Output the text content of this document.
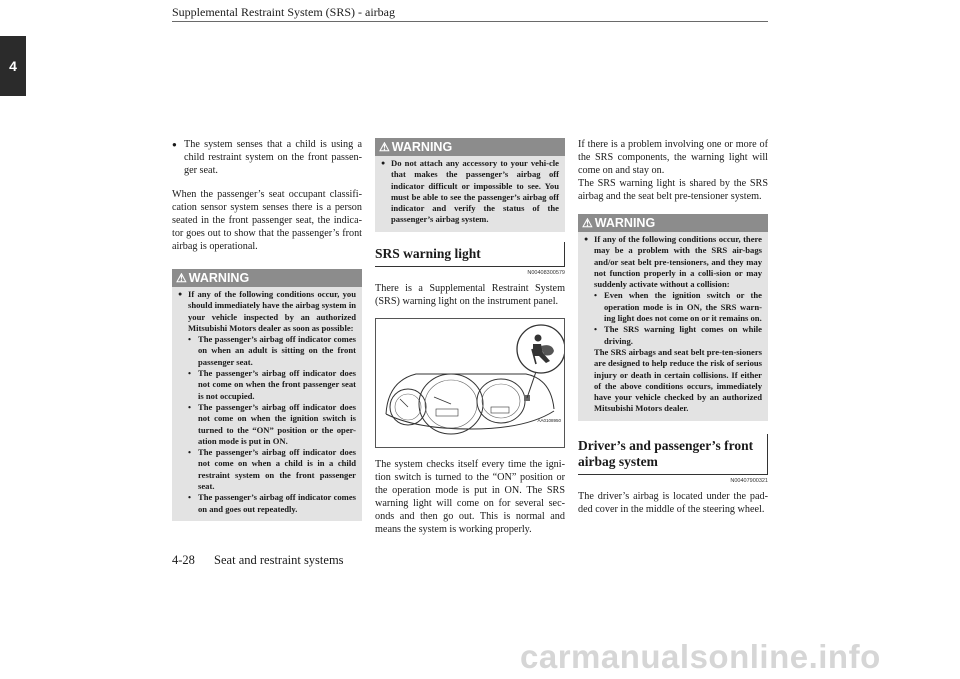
Supplemental Restraint System (SRS) - airbag
4
● The system senses that a child is using a child restraint system on the front passen-ger seat.

When the passenger’s seat occupant classifi-cation sensor system senses there is a person seated in the front passenger seat, the indica-tor goes out to show that the passenger’s front airbag is operational.

⚠ WARNING
● If any of the following conditions occur, you should immediately have the airbag system in your vehicle inspected by an authorized Mitsubishi Motors dealer as soon as possible:
• The passenger’s airbag off indicator comes on when an adult is sitting on the front passenger seat.
• The passenger’s airbag off indicator does not come on when the front passenger seat is not occupied.
• The passenger’s airbag off indicator does not come on when the ignition switch is turned to the “ON” position or the oper-ation mode is put in ON.
• The passenger’s airbag off indicator does not come on when a child is in a child restraint system on the front passenger seat.
• The passenger’s airbag off indicator comes on and goes out repeatedly.
⚠ WARNING
● Do not attach any accessory to your vehi-cle that makes the passenger’s airbag off indicator difficult or impossible to see. You must be able to see the passenger’s airbag off indicator and verify the status of the passenger’s airbag system.
SRS warning light
N00408300579

There is a Supplemental Restraint System (SRS) warning light on the instrument panel.

AA0108950

The system checks itself every time the igni-tion switch is turned to the “ON” position or the operation mode is put in ON. The SRS warning light will come on for several sec-onds and then go out. This is normal and means the system is working properly.

If there is a problem involving one or more of the SRS components, the warning light will come on and stay on.
The SRS warning light is shared by the SRS airbag and the seat belt pre-tensioner system.

⚠ WARNING
● If any of the following conditions occur, there may be a problem with the SRS air-bags and/or seat belt pre-tensioners, and they may not function properly in a colli-sion or may suddenly activate without a collision:
• Even when the ignition switch or the operation mode is in ON, the SRS warn-ing light does not come on or it remains on.
• The SRS warning light comes on while driving.
The SRS airbags and seat belt pre-ten-sioners are designed to help reduce the risk of serious injury or death in certain collisions. If either of the above conditions occurs, immediately have your vehicle checked by an authorized Mitsubishi Motors dealer.
Driver’s and passenger’s front airbag system
N00407900321

The driver’s airbag is located under the pad-ded cover in the middle of the steering wheel.

4-28 Seat and restraint systems
carmanualsonline.info
